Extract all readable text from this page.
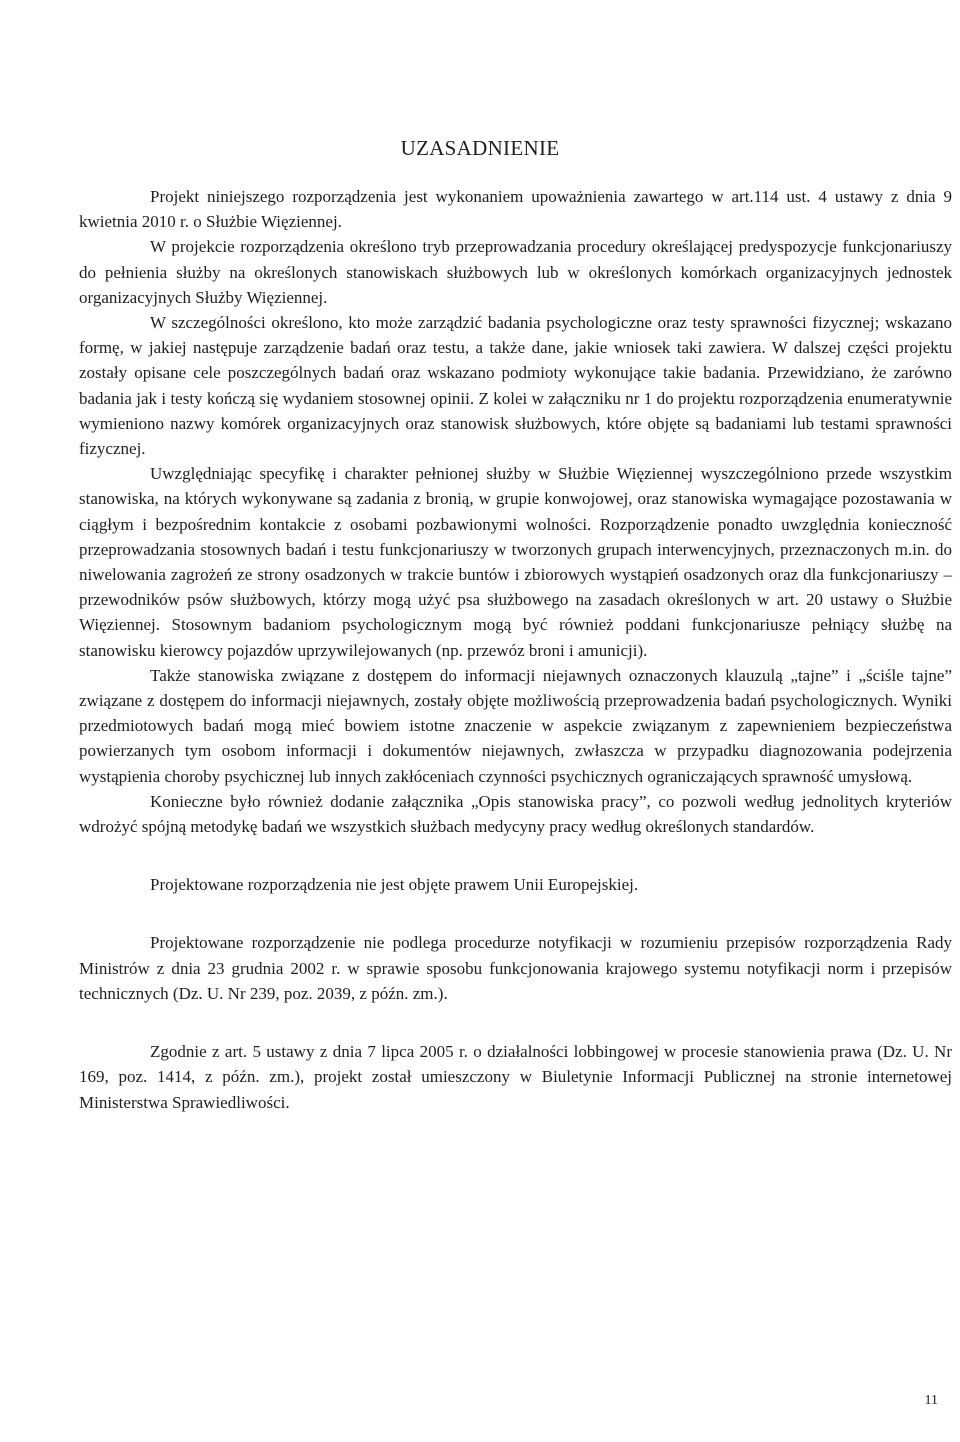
UZASADNIENIE

Projekt niniejszego rozporządzenia jest wykonaniem upoważnienia zawartego w art.114 ust. 4 ustawy z dnia 9 kwietnia 2010 r. o Służbie Więziennej.

W projekcie rozporządzenia określono tryb przeprowadzania procedury określającej predyspozycje funkcjonariuszy do pełnienia służby na określonych stanowiskach służbowych lub w określonych komórkach organizacyjnych jednostek organizacyjnych Służby Więziennej.

W szczególności określono, kto może zarządzić badania psychologiczne oraz testy sprawności fizycznej; wskazano formę, w jakiej następuje zarządzenie badań oraz testu, a także dane, jakie wniosek taki zawiera. W dalszej części projektu zostały opisane cele poszczególnych badań oraz wskazano podmioty wykonujące takie badania. Przewidziano, że zarówno badania jak i testy kończą się wydaniem stosownej opinii. Z kolei w załączniku nr 1 do projektu rozporządzenia enumeratywnie wymieniono nazwy komórek organizacyjnych oraz stanowisk służbowych, które objęte są badaniami lub testami sprawności fizycznej.

Uwzględniając specyfikę i charakter pełnionej służby w Służbie Więziennej wyszczególniono przede wszystkim stanowiska, na których wykonywane są zadania z bronią, w grupie konwojowej, oraz stanowiska wymagające pozostawania w ciągłym i bezpośrednim kontakcie z osobami pozbawionymi wolności. Rozporządzenie ponadto uwzględnia konieczność przeprowadzania stosownych badań i testu funkcjonariuszy w tworzonych grupach interwencyjnych, przeznaczonych m.in. do niwelowania zagrożeń ze strony osadzonych w trakcie buntów i zbiorowych wystąpień osadzonych oraz dla funkcjonariuszy – przewodników psów służbowych, którzy mogą użyć psa służbowego na zasadach określonych w art. 20 ustawy o Służbie Więziennej. Stosownym badaniom psychologicznym mogą być również poddani funkcjonariusze pełniący służbę na stanowisku kierowcy pojazdów uprzywilejowanych (np. przewóz broni i amunicji).

Także stanowiska związane z dostępem do informacji niejawnych oznaczonych klauzulą „tajne” i „ściśle tajne” związane z dostępem do informacji niejawnych, zostały objęte możliwością przeprowadzenia badań psychologicznych. Wyniki przedmiotowych badań mogą mieć bowiem istotne znaczenie w aspekcie związanym z zapewnieniem bezpieczeństwa powierzanych tym osobom informacji i dokumentów niejawnych, zwłaszcza w przypadku diagnozowania podejrzenia wystąpienia choroby psychicznej lub innych zakłóceniach czynności psychicznych ograniczających sprawność umysłową.

Konieczne było również dodanie załącznika „Opis stanowiska pracy”, co pozwoli według jednolitych kryteriów wdrożyć spójną metodykę badań we wszystkich służbach medycyny pracy według określonych standardów.

Projektowane rozporządzenia nie jest objęte prawem Unii Europejskiej.

Projektowane rozporządzenie nie podlega procedurze notyfikacji w rozumieniu przepisów rozporządzenia Rady Ministrów z dnia 23 grudnia 2002 r. w sprawie sposobu funkcjonowania krajowego systemu notyfikacji norm i przepisów technicznych (Dz. U. Nr 239, poz. 2039, z późn. zm.).

Zgodnie z art. 5 ustawy z dnia 7 lipca 2005 r. o działalności lobbingowej w procesie stanowienia prawa (Dz. U. Nr 169, poz. 1414, z późn. zm.), projekt został umieszczony w Biuletynie Informacji Publicznej na stronie internetowej Ministerstwa Sprawiedliwości.

11
